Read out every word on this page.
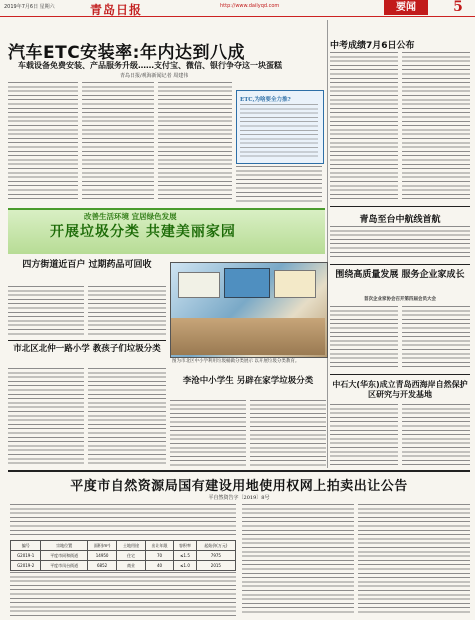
2019年7月6日 星期六	青岛日报	http://www.dailyqd.com	要闻	5
汽车ETC安装率:年内达到八成
车载设备免费安装、产品服务升级……支付宝、微信、银行争夺这一块蛋糕
青岛日报/观海新闻记者 周建伟
ETC,为啥要全力推?
中考成绩7月6日公布
青岛至台中航线首航
围绕高质量发展 服务企业家成长
首次企业家协会召开第四届会员大会
中石大(华东)成立青岛西海岸自然保护区研究与开发基地
改善生活环境 宜居绿色发展
开展垃圾分类 共建美丽家园
四方街道近百户 过期药品可回收
市北区北仲一路小学 教孩子们垃圾分类
图为市北区中小学利用垃圾桶做分类展示 以开展垃圾分类教育。
李沧中小学生 另辟在家学垃圾分类
平度市自然资源局国有建设用地使用权网上拍卖出让公告
平自然资告字〔2019〕8号
编号	宗地位置	面积(m²)	土地用途	出让年限	容积率	起始价(万元)
G2019-1	平度市同和街道	14950	住宅	70	≤1.5	7975
G2019-2	平度市凤台街道	6852	商业	40	≤1.0	2015
